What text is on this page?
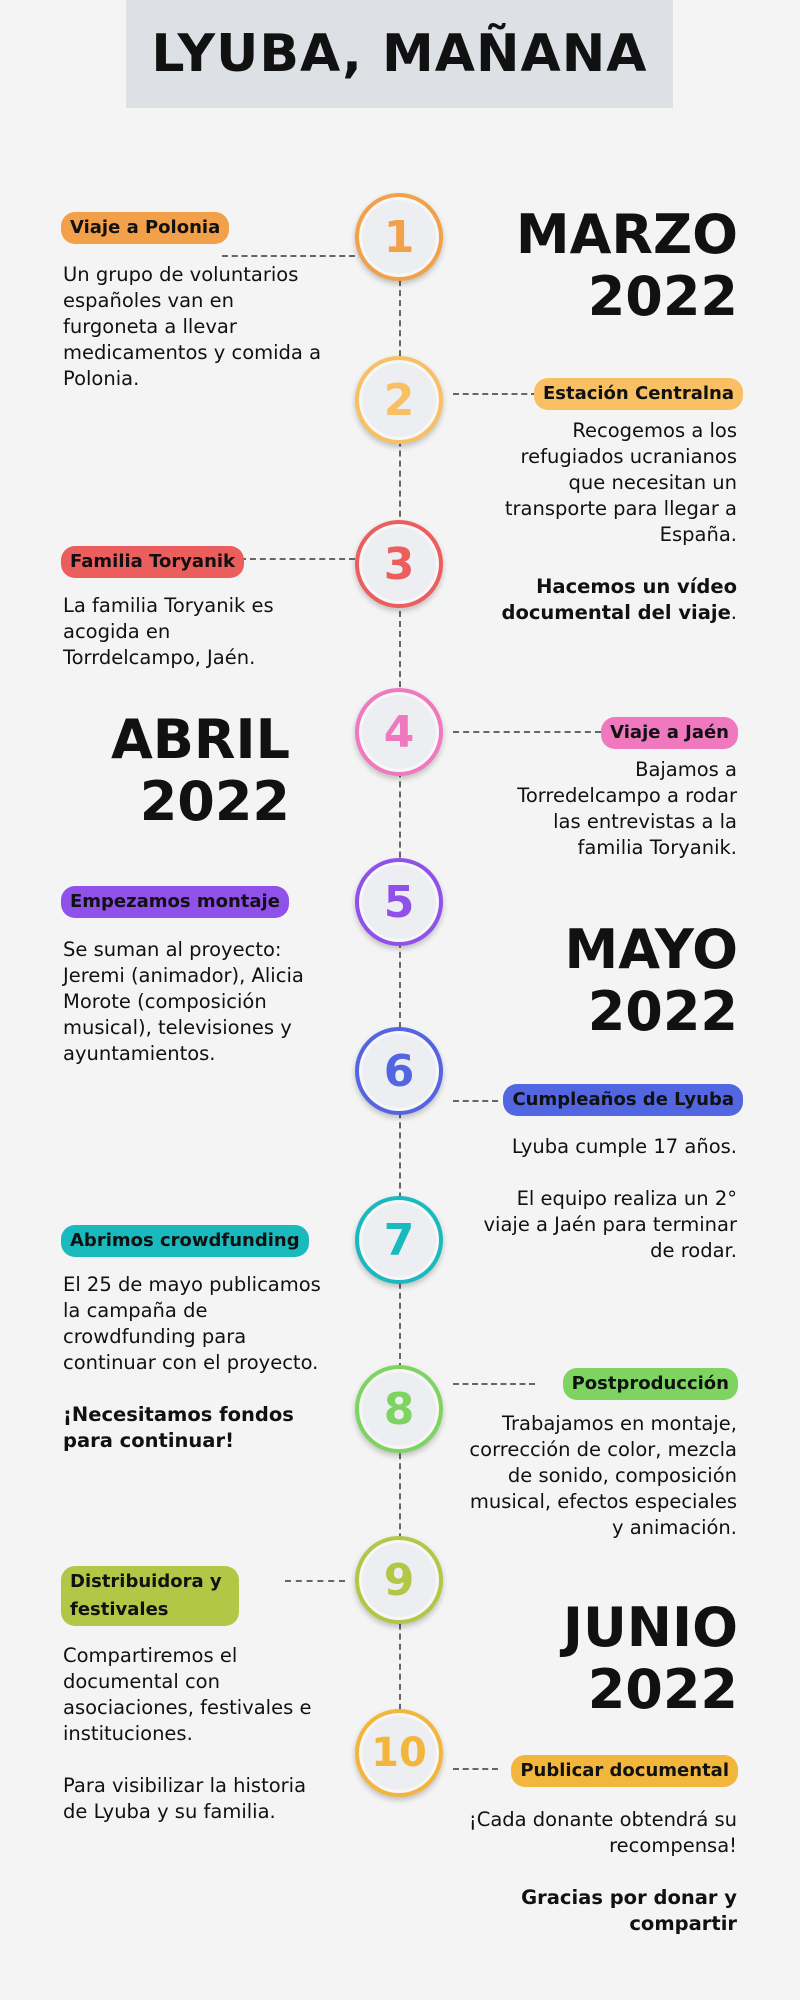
LYUBA, MAÑANA
MARZO
2022
ABRIL
2022
MAYO
2022
JUNIO
2022
1
Viaje a Polonia

Un grupo de voluntarios españoles van en furgoneta a llevar medicamentos y comida a Polonia.	2	Estación Centralna

Recogemos a los refugiados ucranianos que necesitan un transporte para llegar a España.

Hacemos un vídeo documental del viaje.

3
Familia Toryanik

La familia Toryanik es acogida en Torrdelcampo, Jaén.

4	Viaje a Jaén

Bajamos a Torredelcampo a rodar las entrevistas a la familia Toryanik.

5
Empezamos montaje

Se suman al proyecto: Jeremi (animador), Alicia Morote (composición musical), televisiones y ayuntamientos.	6
Cumpleaños de Lyuba

Lyuba cumple 17 años.

El equipo realiza un 2° viaje a Jaén para terminar de rodar.

7
Abrimos crowdfunding

El 25 de mayo publicamos la campaña de crowdfunding para continuar con el proyecto.

¡Necesitamos fondos para continuar!

8	Postproducción

Trabajamos en montaje, corrección de color, mezcla de sonido, composición musical, efectos especiales y animación.

9
Distribuidora y festivales

Compartiremos el documental con asociaciones, festivales e instituciones.

Para visibilizar la historia de Lyuba y su familia.

10	Publicar documental

¡Cada donante obtendrá su recompensa!

Gracias por donar y compartir
